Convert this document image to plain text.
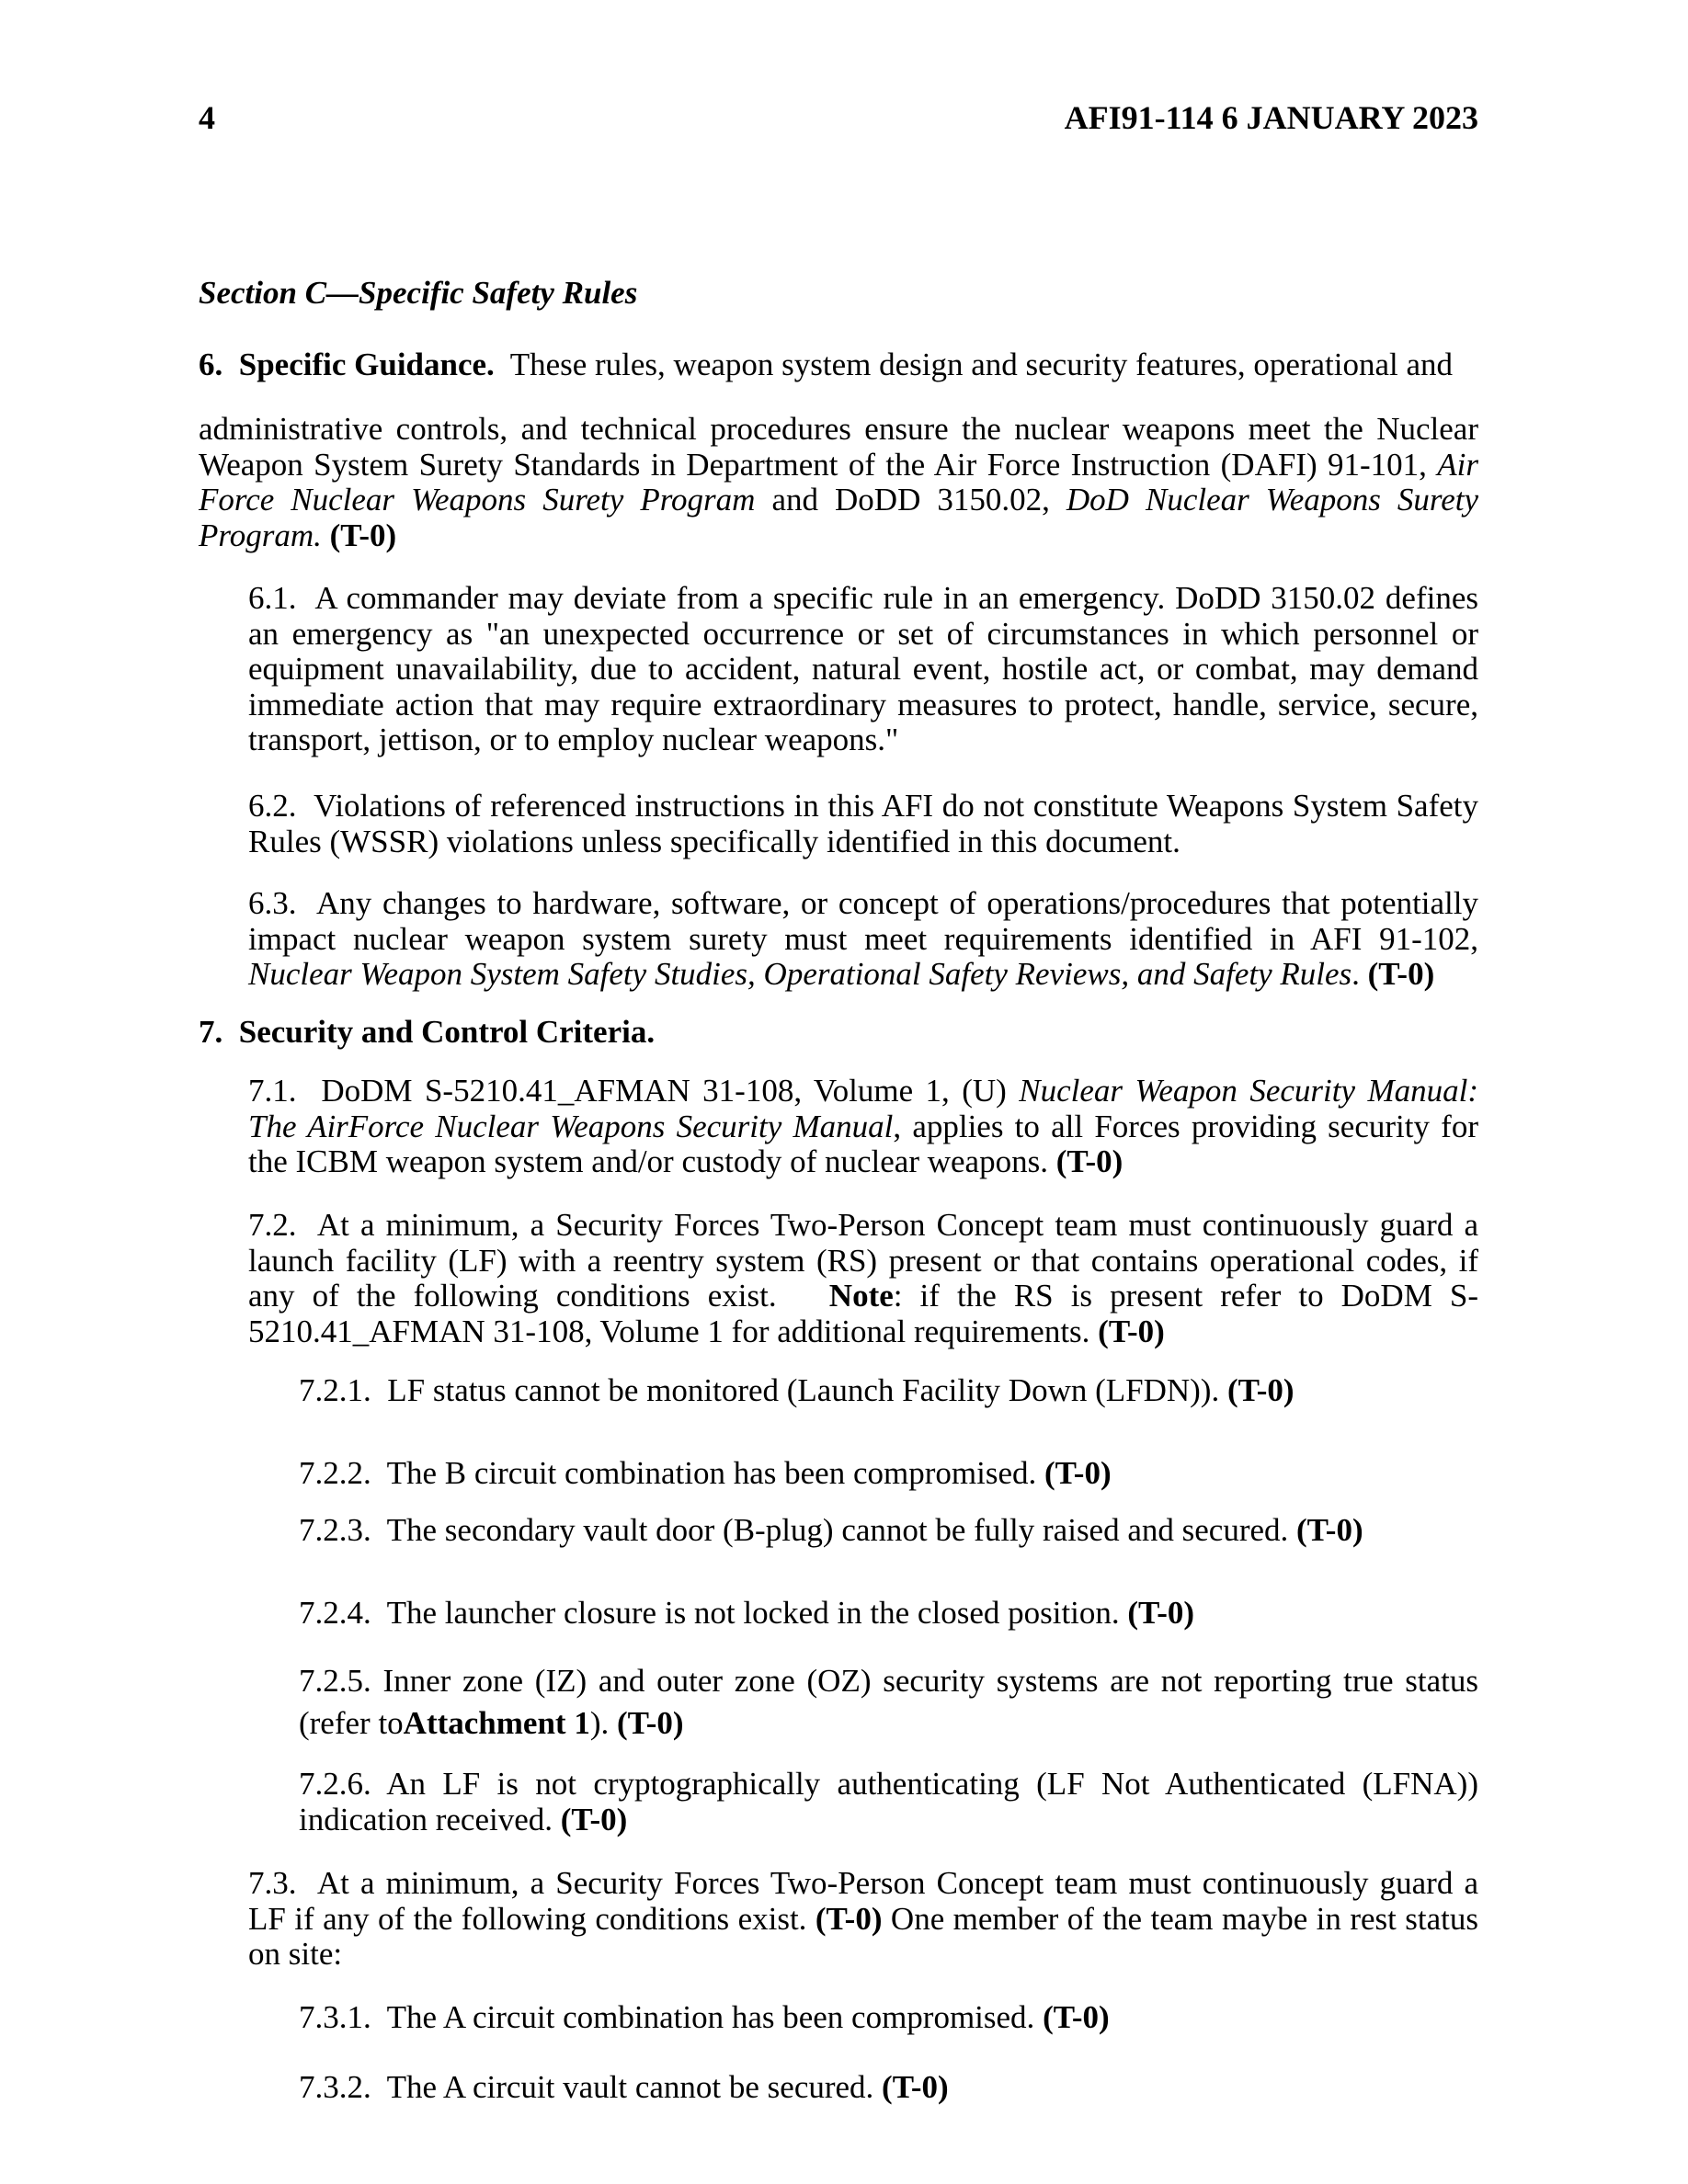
4	AFI91-114 6 JANUARY 2023

Section C—Specific Safety Rules

6. Specific Guidance. These rules, weapon system design and security features, operational and

administrative controls, and technical procedures ensure the nuclear weapons meet the Nuclear Weapon System Surety Standards in Department of the Air Force Instruction (DAFI) 91-101, Air Force Nuclear Weapons Surety Program and DoDD 3150.02, DoD Nuclear Weapons Surety Program. (T-0)

6.1. A commander may deviate from a specific rule in an emergency. DoDD 3150.02 defines an emergency as "an unexpected occurrence or set of circumstances in which personnel or equipment unavailability, due to accident, natural event, hostile act, or combat, may demand immediate action that may require extraordinary measures to protect, handle, service, secure, transport, jettison, or to employ nuclear weapons."

6.2. Violations of referenced instructions in this AFI do not constitute Weapons System Safety Rules (WSSR) violations unless specifically identified in this document.

6.3. Any changes to hardware, software, or concept of operations/procedures that potentially impact nuclear weapon system surety must meet requirements identified in AFI 91-102, Nuclear Weapon System Safety Studies, Operational Safety Reviews, and Safety Rules. (T-0)

7. Security and Control Criteria.

7.1. DoDM S-5210.41_AFMAN 31-108, Volume 1, (U) Nuclear Weapon Security Manual: The AirForce Nuclear Weapons Security Manual, applies to all Forces providing security for the ICBM weapon system and/or custody of nuclear weapons. (T-0)

7.2. At a minimum, a Security Forces Two-Person Concept team must continuously guard a launch facility (LF) with a reentry system (RS) present or that contains operational codes, if any of the following conditions exist. Note: if the RS is present refer to DoDM S-5210.41_AFMAN 31-108, Volume 1 for additional requirements. (T-0)

7.2.1. LF status cannot be monitored (Launch Facility Down (LFDN)). (T-0)

7.2.2. The B circuit combination has been compromised. (T-0)

7.2.3. The secondary vault door (B-plug) cannot be fully raised and secured. (T-0)

7.2.4. The launcher closure is not locked in the closed position. (T-0)

7.2.5. Inner zone (IZ) and outer zone (OZ) security systems are not reporting true status (refer toAttachment 1). (T-0)

7.2.6. An LF is not cryptographically authenticating (LF Not Authenticated (LFNA)) indication received. (T-0)

7.3. At a minimum, a Security Forces Two-Person Concept team must continuously guard a LF if any of the following conditions exist. (T-0) One member of the team maybe in rest status on site:

7.3.1. The A circuit combination has been compromised. (T-0)

7.3.2. The A circuit vault cannot be secured. (T-0)
